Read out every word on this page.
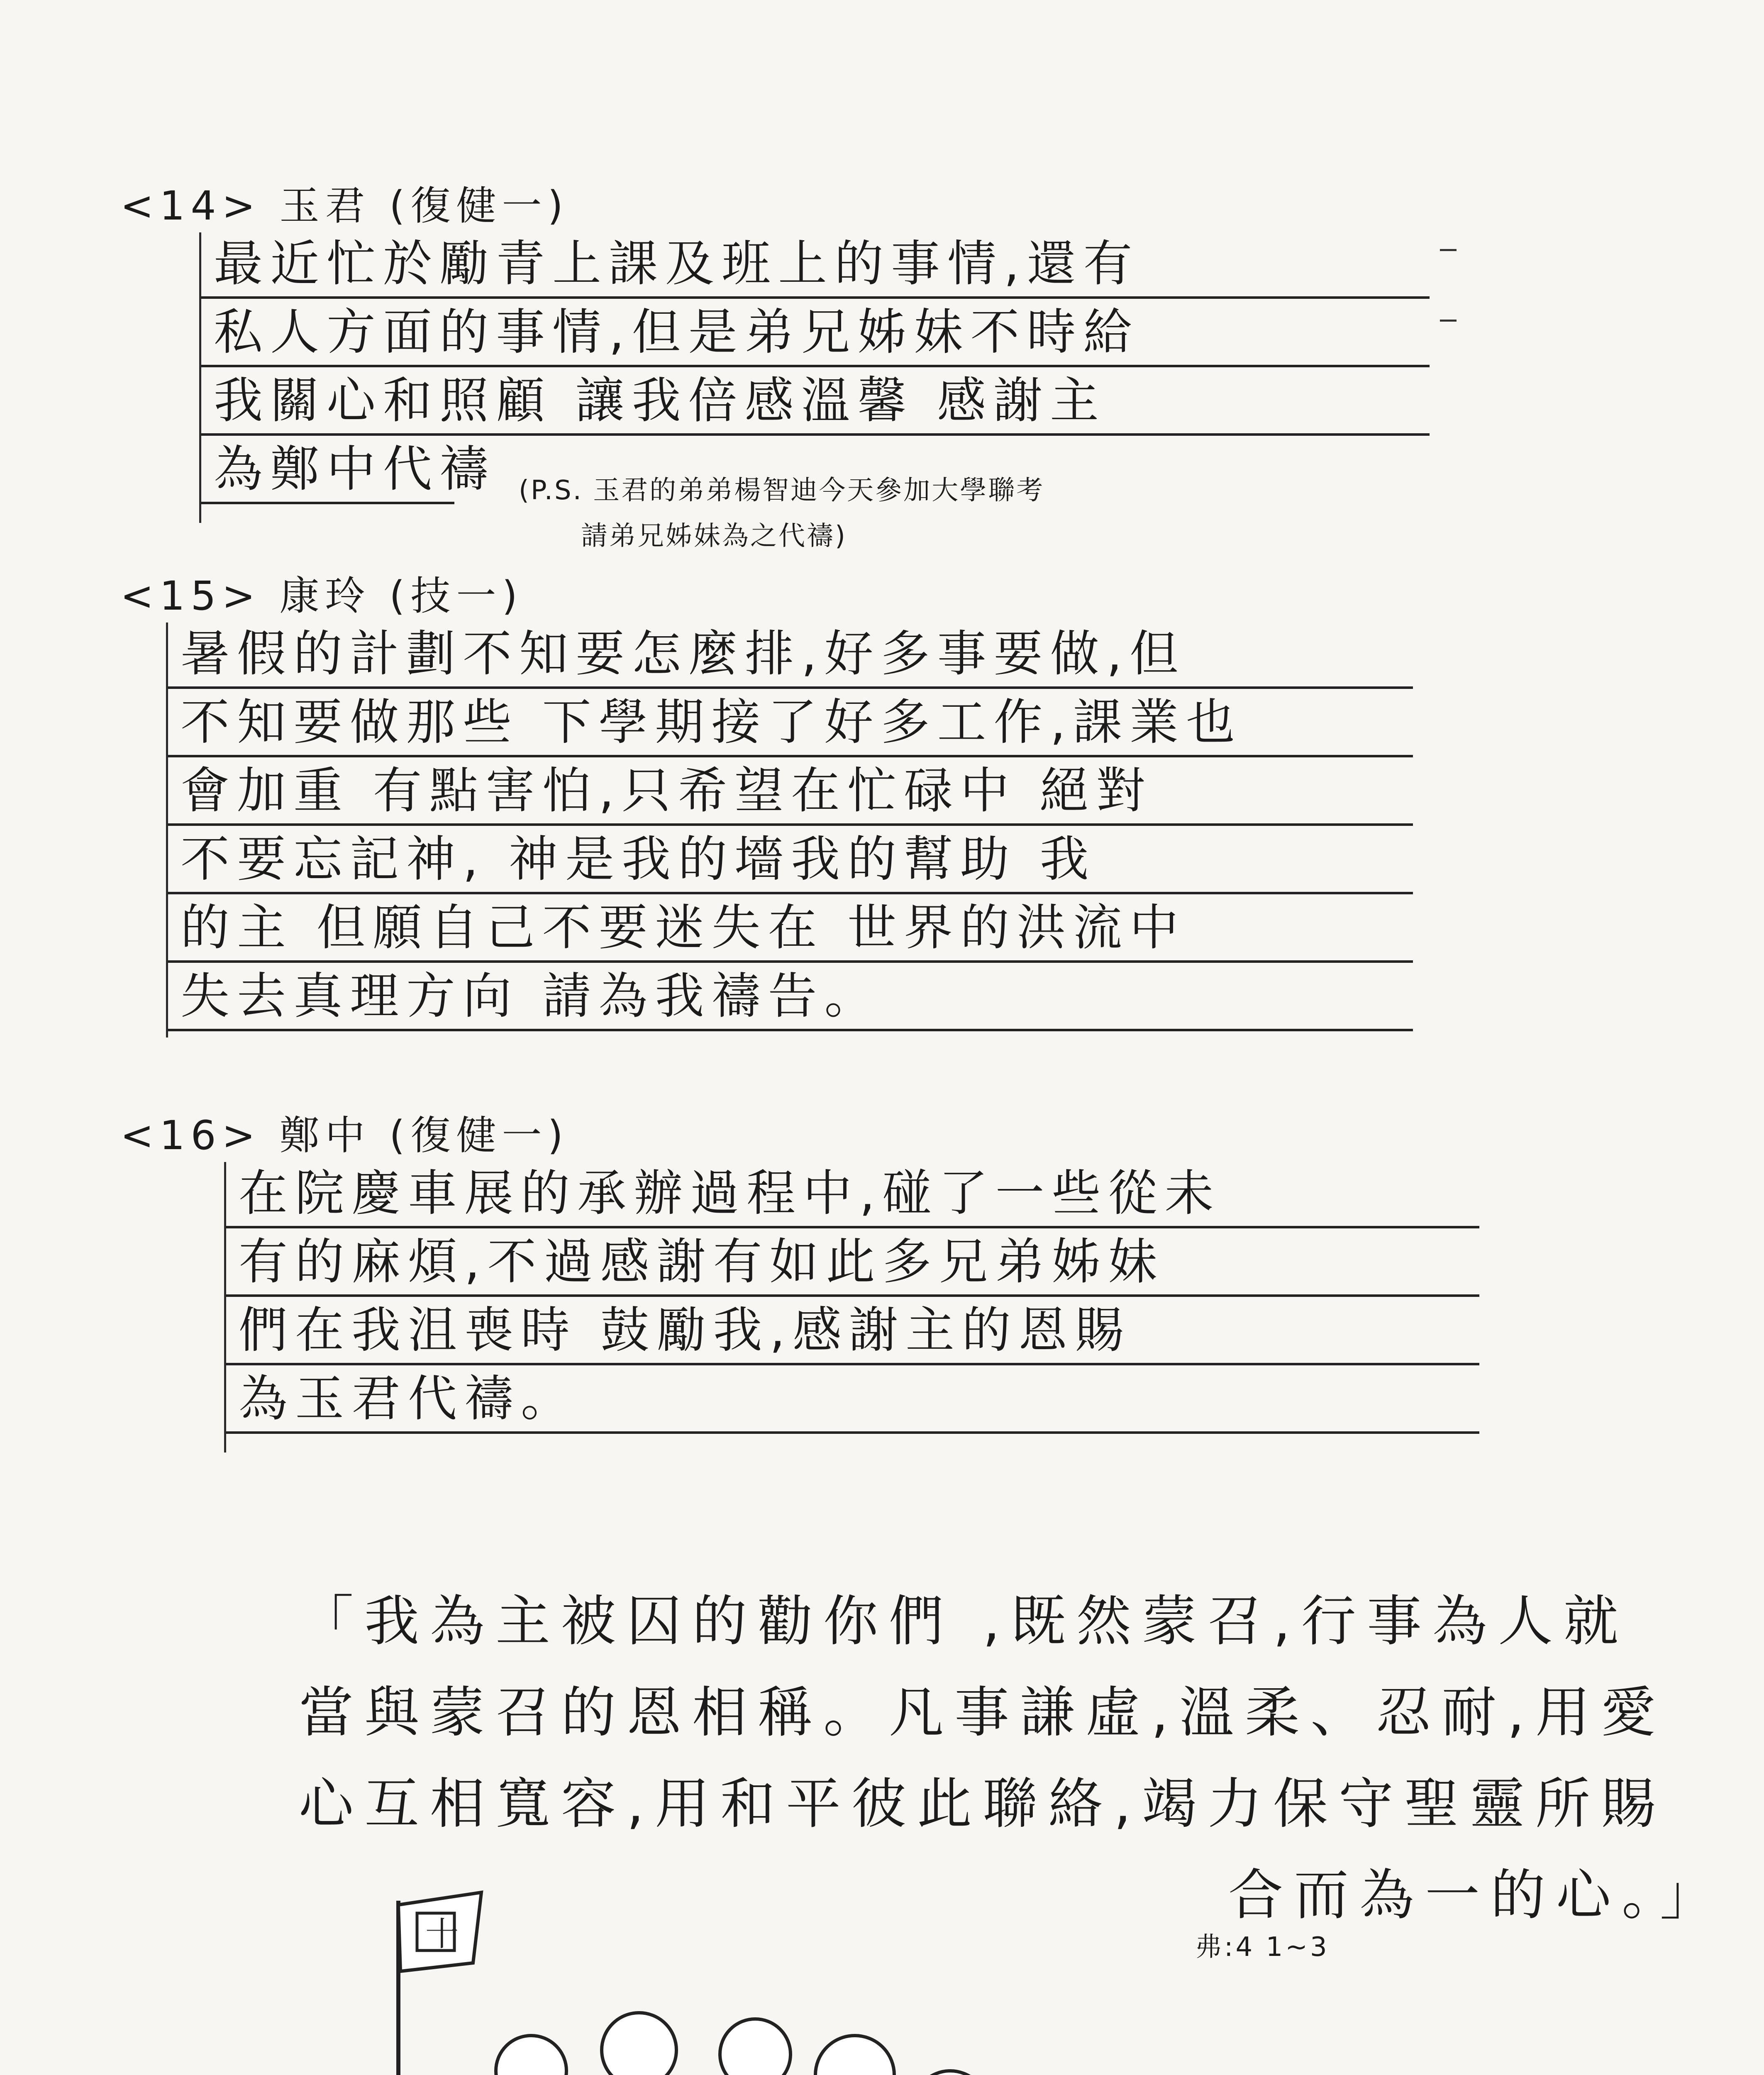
<14> 玉君 (復健一)
最近忙於勵青上課及班上的事情,還有
私人方面的事情,但是弟兄姊妹不時給
我關心和照顧 讓我倍感溫馨 感謝主
為鄭中代禱 (P.S. 玉君的弟弟楊智迪今天參加大學聯考
請弟兄姊妹為之代禱)
<15> 康玲 (技一)
暑假的計劃不知要怎麼排,好多事要做,但
不知要做那些 下學期接了好多工作,課業也
會加重 有點害怕,只希望在忙碌中 絕對
不要忘記神, 神是我的墻我的幫助 我
的主 但願自己不要迷失在 世界的洪流中
失去真理方向 請為我禱告。
<16> 鄭中 (復健一)
在院慶車展的承辦過程中,碰了一些從未
有的麻煩,不過感謝有如此多兄弟姊妹
們在我沮喪時 鼓勵我,感謝主的恩賜
為玉君代禱。
「我為主被囚的勸你們 ,既然蒙召,行事為人就
當與蒙召的恩相稱。凡事謙虛,溫柔、忍耐,用愛
心互相寬容,用和平彼此聯絡,竭力保守聖靈所賜
合而為一的心。」
弗:4 1~3
十
